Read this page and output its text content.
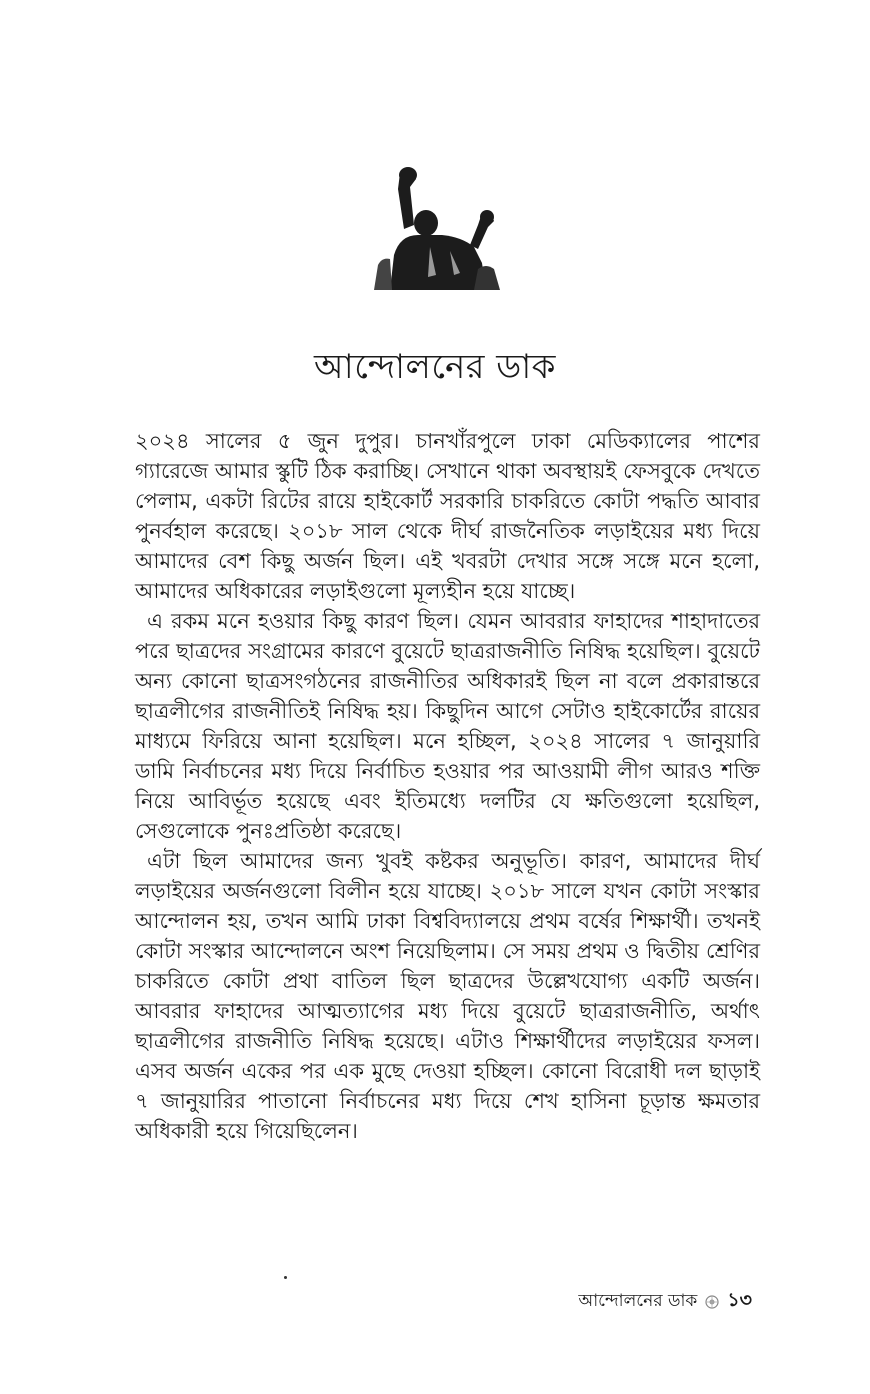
আন্দোলনের ডাক

২০২৪ সালের ৫ জুন দুপুর। চানখাঁরপুলে ঢাকা মেডিক্যালের পাশের গ্যারেজে আমার স্কুটি ঠিক করাচ্ছি। সেখানে থাকা অবস্থায়ই ফেসবুকে দেখতে পেলাম, একটা রিটের রায়ে হাইকোর্ট সরকারি চাকরিতে কোটা পদ্ধতি আবার পুনর্বহাল করেছে। ২০১৮ সাল থেকে দীর্ঘ রাজনৈতিক লড়াইয়ের মধ্য দিয়ে আমাদের বেশ কিছু অর্জন ছিল। এই খবরটা দেখার সঙ্গে সঙ্গে মনে হলো, আমাদের অধিকারের লড়াইগুলো মূল্যহীন হয়ে যাচ্ছে।

এ রকম মনে হওয়ার কিছু কারণ ছিল। যেমন আবরার ফাহাদের শাহাদাতের পরে ছাত্রদের সংগ্রামের কারণে বুয়েটে ছাত্ররাজনীতি নিষিদ্ধ হয়েছিল। বুয়েটে অন্য কোনো ছাত্রসংগঠনের রাজনীতির অধিকারই ছিল না বলে প্রকারান্তরে ছাত্রলীগের রাজনীতিই নিষিদ্ধ হয়। কিছুদিন আগে সেটাও হাইকোর্টের রায়ের মাধ্যমে ফিরিয়ে আনা হয়েছিল। মনে হচ্ছিল, ২০২৪ সালের ৭ জানুয়ারি ডামি নির্বাচনের মধ্য দিয়ে নির্বাচিত হওয়ার পর আওয়ামী লীগ আরও শক্তি নিয়ে আবির্ভূত হয়েছে এবং ইতিমধ্যে দলটির যে ক্ষতিগুলো হয়েছিল, সেগুলোকে পুনঃপ্রতিষ্ঠা করেছে।

এটা ছিল আমাদের জন্য খুবই কষ্টকর অনুভূতি। কারণ, আমাদের দীর্ঘ লড়াইয়ের অর্জনগুলো বিলীন হয়ে যাচ্ছে। ২০১৮ সালে যখন কোটা সংস্কার আন্দোলন হয়, তখন আমি ঢাকা বিশ্ববিদ্যালয়ে প্রথম বর্ষের শিক্ষার্থী। তখনই কোটা সংস্কার আন্দোলনে অংশ নিয়েছিলাম। সে সময় প্রথম ও দ্বিতীয় শ্রেণির চাকরিতে কোটা প্রথা বাতিল ছিল ছাত্রদের উল্লেখযোগ্য একটি অর্জন। আবরার ফাহাদের আত্মত্যাগের মধ্য দিয়ে বুয়েটে ছাত্ররাজনীতি, অর্থাৎ ছাত্রলীগের রাজনীতি নিষিদ্ধ হয়েছে। এটাও শিক্ষার্থীদের লড়াইয়ের ফসল। এসব অর্জন একের পর এক মুছে দেওয়া হচ্ছিল। কোনো বিরোধী দল ছাড়াই ৭ জানুয়ারির পাতানো নির্বাচনের মধ্য দিয়ে শেখ হাসিনা চূড়ান্ত ক্ষমতার অধিকারী হয়ে গিয়েছিলেন।

আন্দোলনের ডাক ১৩
